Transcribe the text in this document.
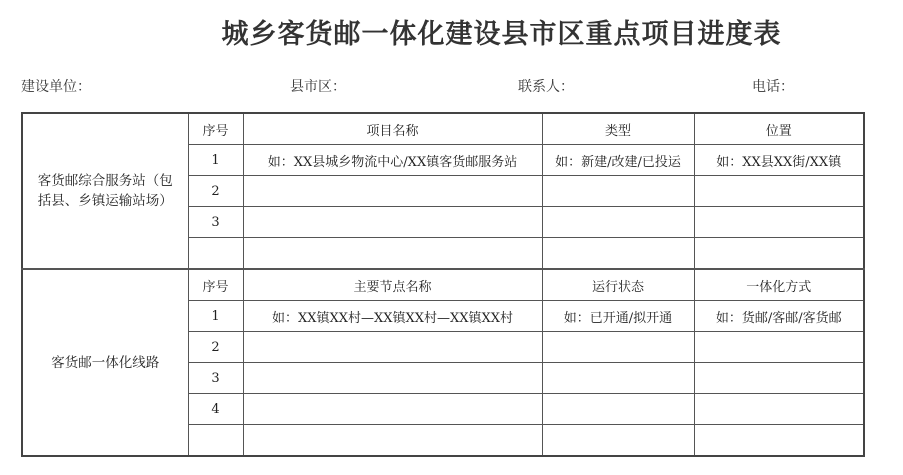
城乡客货邮一体化建设县市区重点项目进度表
建设单位：	县市区：	联系人：	电话：
客货邮综合服务站（包括县、乡镇运输站场）	序号	项目名称	类型	位置
	1	如：XX县城乡物流中心/XX镇客货邮服务站	如：新建/改建/已投运	如：XX县XX街/XX镇
	2			
	3			

客货邮一体化线路	序号	主要节点名称	运行状态	一体化方式
	1	如：XX镇XX村—XX镇XX村—XX镇XX村	如：已开通/拟开通	如：货邮/客邮/客货邮
	2			
	3			
	4			
